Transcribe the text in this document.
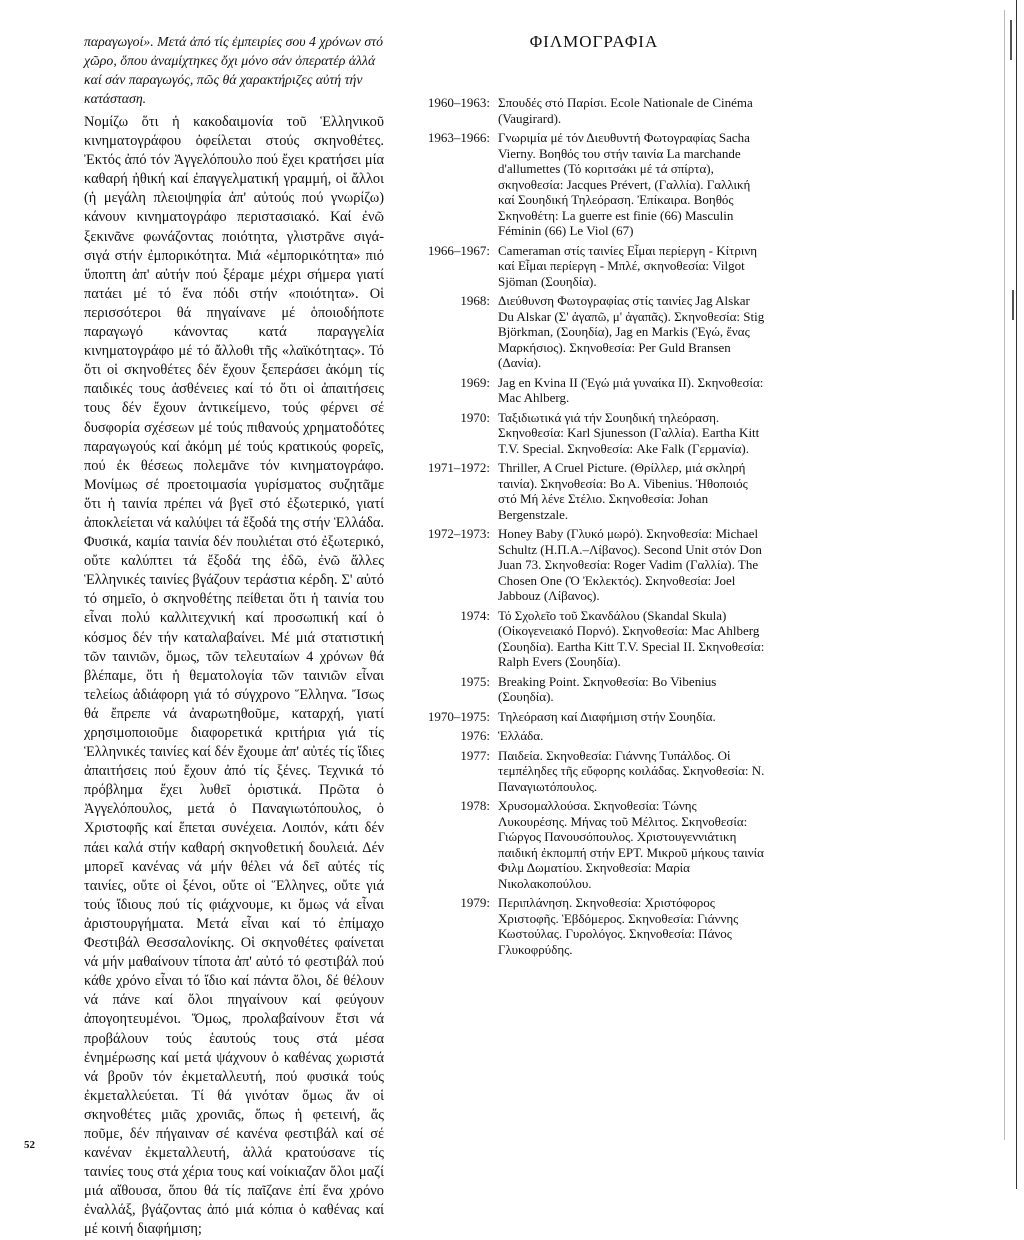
παραγωγοί». Μετά ἀπό τίς ἐμπειρίες σου 4 χρόνων στό χῶρο, ὅπου ἀναμίχτηκες ὄχι μόνο σάν ὀπερατέρ ἀλλά καί σάν παραγωγός, πῶς θά χαρακτήριζες αὐτή τήν κατάσταση.

Νομίζω ὅτι ἡ κακοδαιμονία τοῦ Ἑλληνικοῦ κινηματογράφου ὀφείλεται στούς σκηνοθέτες. Ἐκτός ἀπό τόν Ἀγγελόπουλο πού ἔχει κρατήσει μία καθαρή ἠθική καί ἐπαγγελματική γραμμή, οἱ ἄλλοι (ἡ μεγάλη πλειοψηφία ἀπ' αὐτούς πού γνωρίζω) κάνουν κινηματογράφο περιστασιακό. Καί ἐνῶ ξεκινᾶνε φωνάζοντας ποιότητα, γλιστρᾶνε σιγά-σιγά στήν ἐμπορικότητα. Μιά «ἐμπορικότητα» πιό ὕποπτη ἀπ' αὐτήν πού ξέραμε μέχρι σήμερα γιατί πατάει μέ τό ἕνα πόδι στήν «ποιότητα». Οἱ περισσότεροι θά πηγαίνανε μέ ὁποιοδήποτε παραγωγό κάνοντας κατά παραγγελία κινηματογράφο μέ τό ἄλλοθι τῆς «λαϊκότητας». Τό ὅτι οἱ σκηνοθέτες δέν ἔχουν ξεπεράσει ἀκόμη τίς παιδικές τους ἀσθένειες καί τό ὅτι οἱ ἀπαιτήσεις τους δέν ἔχουν ἀντικείμενο, τούς φέρνει σέ δυσφορία σχέσεων μέ τούς πιθανούς χρηματοδότες παραγωγούς καί ἀκόμη μέ τούς κρατικούς φορεῖς, πού ἐκ θέσεως πολεμᾶνε τόν κινηματογράφο. Μονίμως σέ προετοιμασία γυρίσματος συζητᾶμε ὅτι ἡ ταινία πρέπει νά βγεῖ στό ἐξωτερικό, γιατί ἀποκλείεται νά καλύψει τά ἔξοδά της στήν Ἑλλάδα. Φυσικά, καμία ταινία δέν πουλιέται στό ἐξωτερικό, οὔτε καλύπτει τά ἔξοδά της ἐδῶ, ἐνῶ ἄλλες Ἑλληνικές ταινίες βγάζουν τεράστια κέρδη. Σ' αὐτό τό σημεῖο, ὁ σκηνοθέτης πείθεται ὅτι ἡ ταινία του εἶναι πολύ καλλιτεχνική καί προσωπική καί ὁ κόσμος δέν τήν καταλαβαίνει. Μέ μιά στατιστική τῶν ταινιῶν, ὅμως, τῶν τελευταίων 4 χρόνων θά βλέπαμε, ὅτι ἡ θεματολογία τῶν ταινιῶν εἶναι τελείως ἀδιάφορη γιά τό σύγχρονο Ἕλληνα. Ἴσως θά ἔπρεπε νά ἀναρωτηθοῦμε, καταρχή, γιατί χρησιμοποιοῦμε διαφορετικά κριτήρια γιά τίς Ἑλληνικές ταινίες καί δέν ἔχουμε ἀπ' αὐτές τίς ἴδιες ἀπαιτήσεις πού ἔχουν ἀπό τίς ξένες. Τεχνικά τό πρόβλημα ἔχει λυθεῖ ὁριστικά. Πρῶτα ὁ Ἀγγελόπουλος, μετά ὁ Παναγιωτόπουλος, ὁ Χριστοφῆς καί ἕπεται συνέχεια. Λοιπόν, κάτι δέν πάει καλά στήν καθαρή σκηνοθετική δουλειά. Δέν μπορεῖ κανένας νά μήν θέλει νά δεῖ αὐτές τίς ταινίες, οὔτε οἱ ξένοι, οὔτε οἱ Ἕλληνες, οὔτε γιά τούς ἴδιους πού τίς φιάχνουμε, κι ὅμως νά εἶναι ἀριστουργήματα. Μετά εἶναι καί τό ἐπίμαχο Φεστιβάλ Θεσσαλονίκης. Οἱ σκηνοθέτες φαίνεται νά μήν μαθαίνουν τίποτα ἀπ' αὐτό τό φεστιβάλ πού κάθε χρόνο εἶναι τό ἴδιο καί πάντα ὅλοι, δέ θέλουν νά πάνε καί ὅλοι πηγαίνουν καί φεύγουν ἀπογοητευμένοι. Ὅμως, προλαβαίνουν ἔτσι νά προβάλουν τούς ἑαυτούς τους στά μέσα ἐνημέρωσης καί μετά ψάχνουν ὁ καθένας χωριστά νά βροῦν τόν ἐκμεταλλευτή, πού φυσικά τούς ἐκμεταλλεύεται. Τί θά γινόταν ὅμως ἄν οἱ σκηνοθέτες μιᾶς χρονιᾶς, ὅπως ἡ φετεινή, ἄς ποῦμε, δέν πήγαιναν σέ κανένα φεστιβάλ καί σέ κανέναν ἐκμεταλλευτή, ἀλλά κρατούσανε τίς ταινίες τους στά χέρια τους καί νοίκιαζαν ὅλοι μαζί μιά αἴθουσα, ὅπου θά τίς παῖζανε ἐπί ἕνα χρόνο ἐναλλάξ, βγάζοντας ἀπό μιά κόπια ὁ καθένας καί μέ κοινή διαφήμιση;

ΦΙΛΜΟΓΡΑΦΙΑ
1960–1963: Σπουδές στό Παρίσι. Ecole Nationale de Cinéma (Vaugirard).
1963–1966: Γνωριμία μέ τόν Διευθυντή Φωτογραφίας Sacha Vierny. Βοηθός του στήν ταινία La marchande d'allumettes (Τό κοριτσάκι μέ τά σπίρτα), σκηνοθεσία: Jacques Prévert, (Γαλλία). Γαλλική καί Σουηδική Τηλεόραση. Ἐπίκαιρα. Βοηθός Σκηνοθέτη: La guerre est finie (66) Masculin Féminin (66) Le Viol (67)
1966–1967: Cameraman στίς ταινίες Εἶμαι περίεργη - Κίτρινη καί Εἶμαι περίεργη - Μπλέ, σκηνοθεσία: Vilgot Sjöman (Σουηδία).
1968: Διεύθυνση Φωτογραφίας στίς ταινίες Jag Alskar Du Alskar (Σ' ἀγαπῶ, μ' ἀγαπᾶς). Σκηνοθεσία: Stig Björkman, (Σουηδία), Jag en Markis (Ἐγώ, ἕνας Μαρκήσιος). Σκηνοθεσία: Per Guld Bransen (Δανία).
1969: Jag en Kvina II (Ἐγώ μιά γυναίκα II). Σκηνοθεσία: Mac Ahlberg.
1970: Ταξιδιωτικά γιά τήν Σουηδική τηλεόραση. Σκηνοθεσία: Karl Sjunesson (Γαλλία). Eartha Kitt T.V. Special. Σκηνοθεσία: Ake Falk (Γερμανία).
1971–1972: Thriller, A Cruel Picture. (Θρίλλερ, μιά σκληρή ταινία). Σκηνοθεσία: Bo A. Vibenius. Ἠθοποιός στό Μή λένε Στέλιο. Σκηνοθεσία: Johan Bergenstzale.
1972–1973: Honey Baby (Γλυκό μωρό). Σκηνοθεσία: Michael Schultz (Η.Π.Α.–Λίβανος). Second Unit στόν Don Juan 73. Σκηνοθεσία: Roger Vadim (Γαλλία). The Chosen One (Ὁ Ἐκλεκτός). Σκηνοθεσία: Joel Jabbouz (Λίβανος).
1974: Τό Σχολεῖο τοῦ Σκανδάλου (Skandal Skula) (Οἰκογενειακό Πορνό). Σκηνοθεσία: Mac Ahlberg (Σουηδία). Eartha Kitt T.V. Special II. Σκηνοθεσία: Ralph Evers (Σουηδία).
1975: Breaking Point. Σκηνοθεσία: Bo Vibenius (Σουηδία).
1970–1975: Τηλεόραση καί Διαφήμιση στήν Σουηδία.
1976: Ἑλλάδα.
1977: Παιδεία. Σκηνοθεσία: Γιάννης Τυπάλδος. Οἱ τεμπέληδες τῆς εὔφορης κοιλάδας. Σκηνοθεσία: Ν. Παναγιωτόπουλος.
1978: Χρυσομαλλούσα. Σκηνοθεσία: Τώνης Λυκουρέσης. Μήνας τοῦ Μέλιτος. Σκηνοθεσία: Γιώργος Πανουσόπουλος. Χριστουγεννιάτικη παιδική ἐκπομπή στήν ΕΡΤ. Μικροῦ μήκους ταινία Φιλμ Δωματίου. Σκηνοθεσία: Μαρία Νικολακοπούλου.
1979: Περιπλάνηση. Σκηνοθεσία: Χριστόφορος Χριστοφῆς. Ἑβδόμερος. Σκηνοθεσία: Γιάννης Κωστούλας. Γυρολόγος. Σκηνοθεσία: Πάνος Γλυκοφρύδης.
52
